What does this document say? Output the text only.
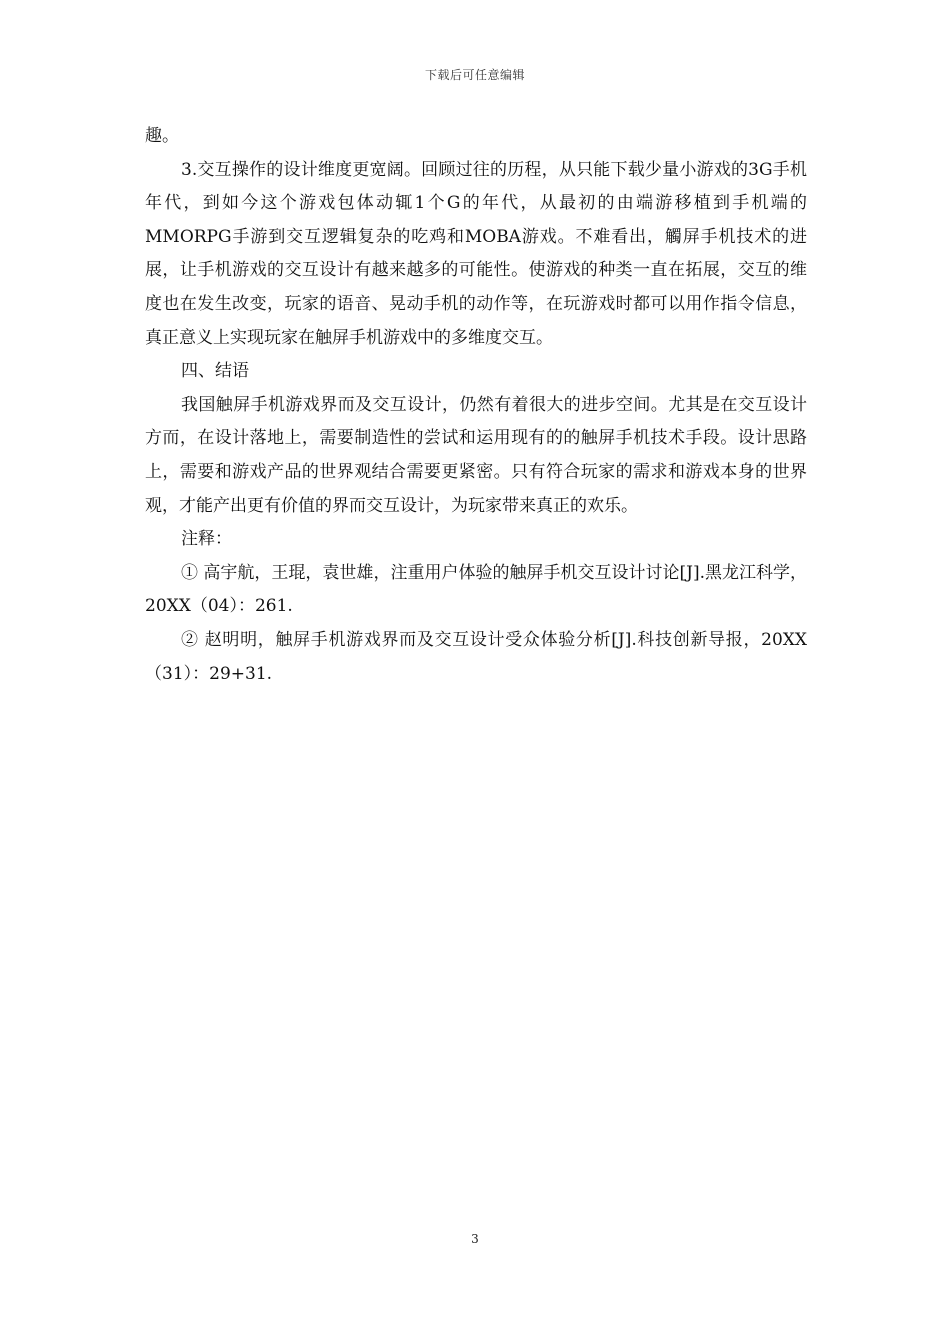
下载后可任意编辑

趣。

3.交互操作的设计维度更宽阔。回顾过往的历程，从只能下载少量小游戏的3G手机年代，到如今这个游戏包体动辄1个G的年代，从最初的由端游移植到手机端的MMORPG手游到交互逻辑复杂的吃鸡和MOBA游戏。不难看出，觸屏手机技术的进展，让手机游戏的交互设计有越来越多的可能性。使游戏的种类一直在拓展，交互的维度也在发生改变，玩家的语音、晃动手机的动作等，在玩游戏时都可以用作指令信息，真正意义上实现玩家在触屏手机游戏中的多维度交互。

四、结语

我国触屏手机游戏界而及交互设计，仍然有着很大的进步空间。尤其是在交互设计方而，在设计落地上，需要制造性的尝试和运用现有的的触屏手机技术手段。设计思路上，需要和游戏产品的世界观结合需要更紧密。只有符合玩家的需求和游戏本身的世界观，才能产出更有价值的界而交互设计，为玩家带来真正的欢乐。

注释：

① 高宇航，王琨，袁世雄，注重用户体验的触屏手机交互设计讨论[J].黑龙江科学，20XX（04）：261.

② 赵明明，触屏手机游戏界而及交互设计受众体验分析[J].科技创新导报，20XX（31）：29+31.

3
